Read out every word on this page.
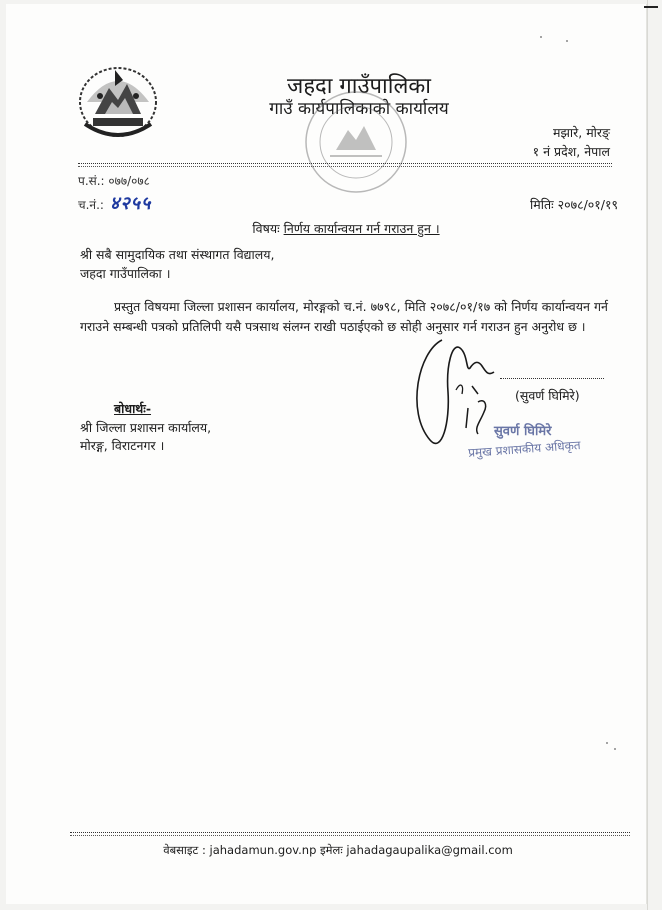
जहदा गाउँपालिका
गाउँ कार्यपालिकाको कार्यालय
मझारे, मोरङ्
१ नं प्रदेश, नेपाल
प.सं.: ०७७/०७८
च.नं.: ४२५५	मितिः २०७८/०१/१९
विषयः निर्णय कार्यान्वयन गर्न गराउन हुन ।
श्री सबै सामुदायिक तथा संस्थागत विद्यालय,
जहदा गाउँपालिका ।
प्रस्तुत विषयमा जिल्ला प्रशासन कार्यालय, मोरङ्गको च.नं. ७७९८, मिति २०७८/०१/१७ को निर्णय कार्यान्वयन गर्न गराउने सम्बन्धी पत्रको प्रतिलिपी यसै पत्रसाथ संलग्न राखी पठाईएको छ सोही अनुसार गर्न गराउन हुन अनुरोध छ ।
(सुवर्ण घिमिरे)
सुवर्ण घिमिरे
प्रमुख प्रशासकीय अधिकृत
बोधार्थः-
श्री जिल्ला प्रशासन कार्यालय,
मोरङ्ग, विराटनगर ।
वेबसाइट : jahadamun.gov.np इमेलः jahadagaupalika@gmail.com
